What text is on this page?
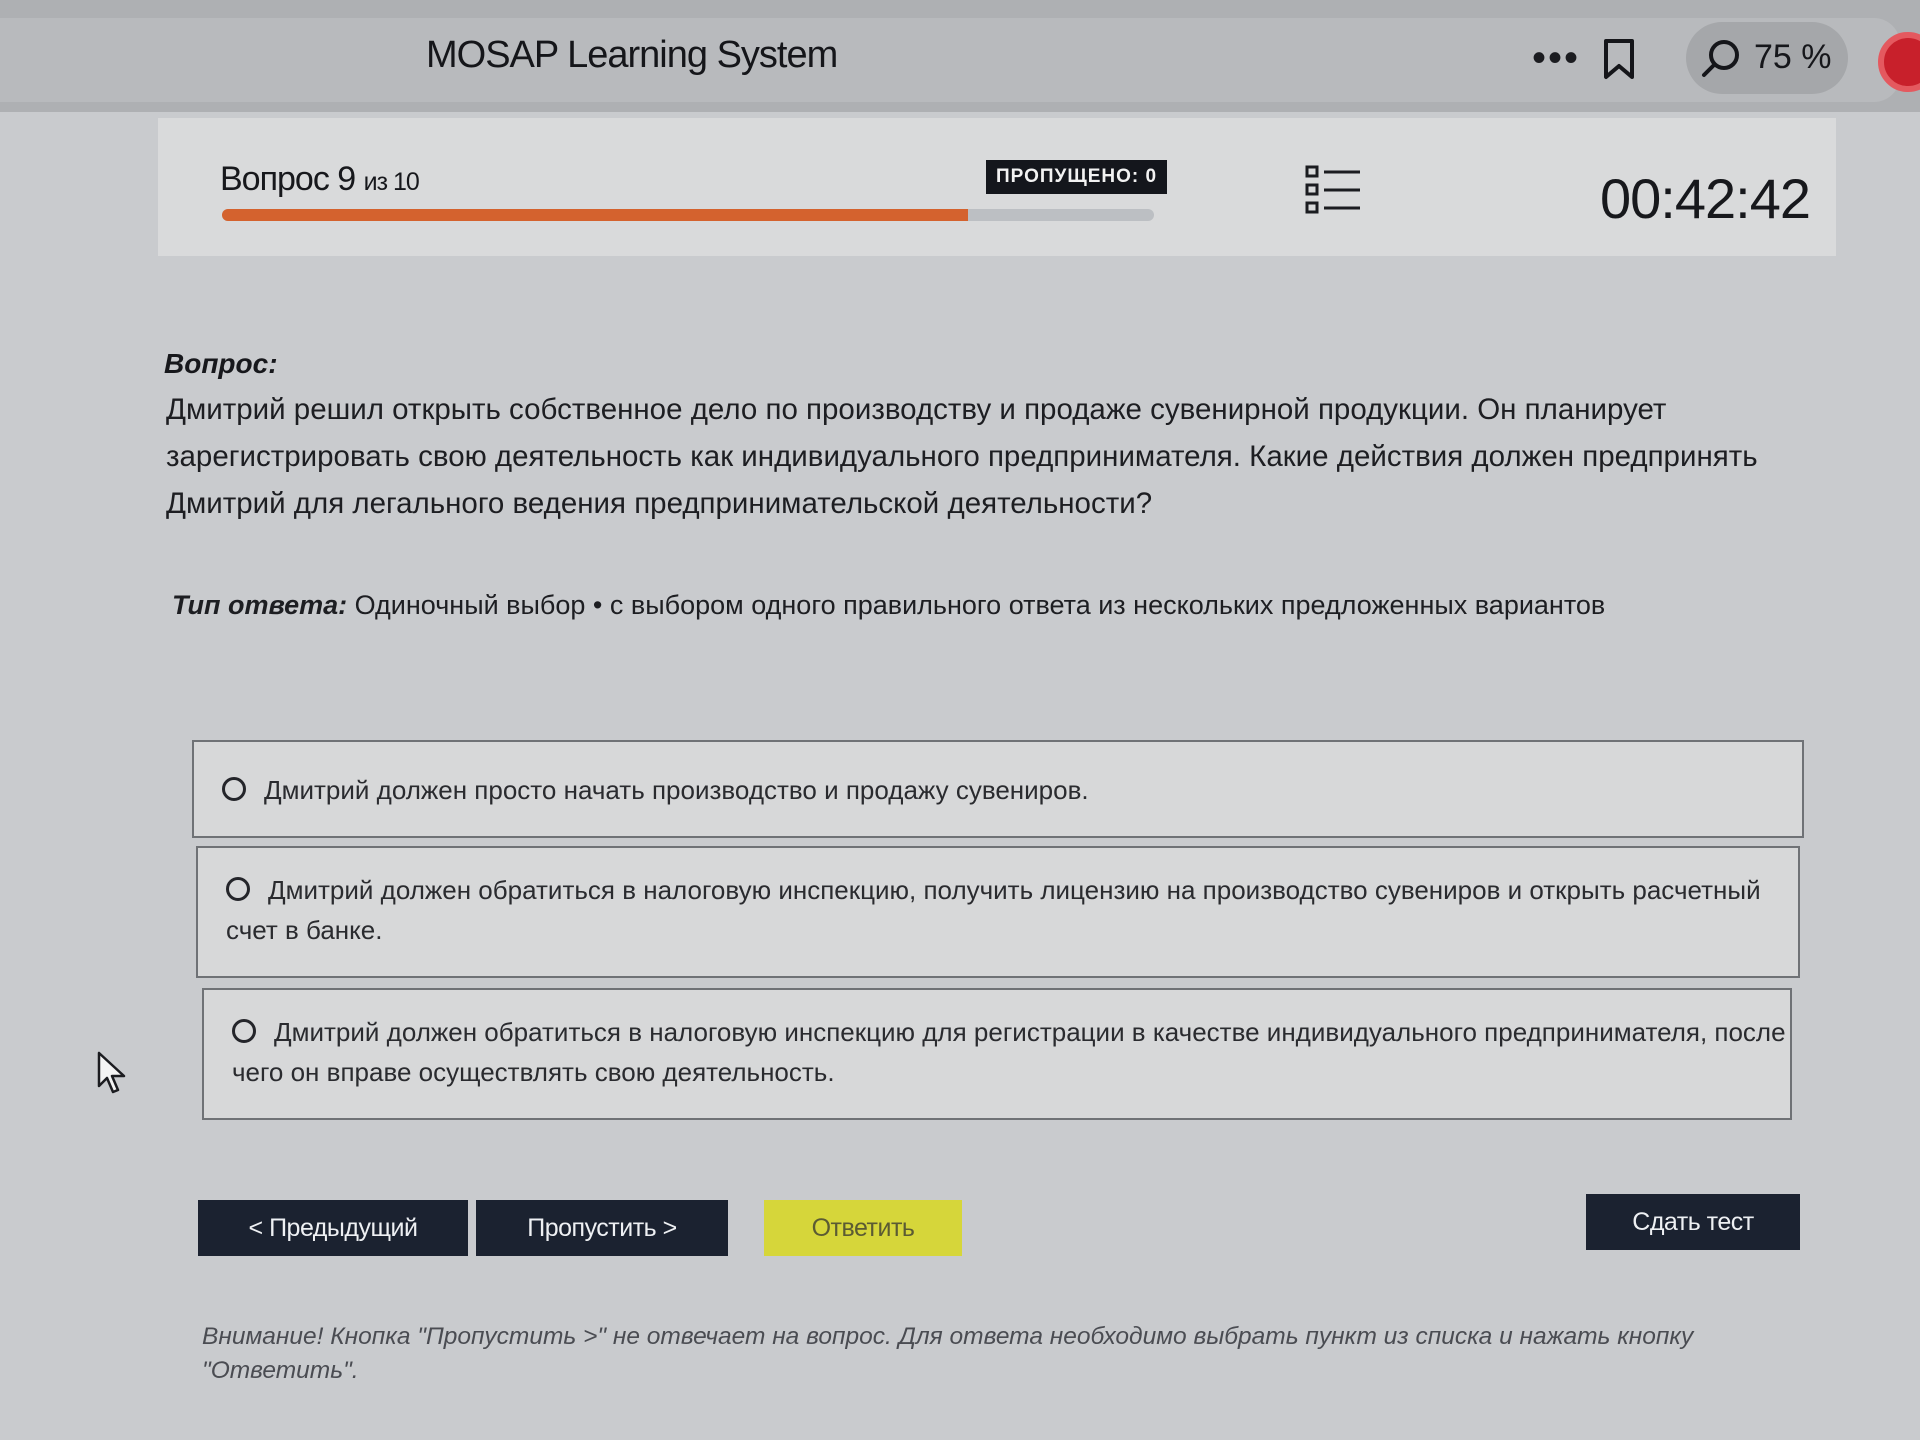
MOSAP Learning System	•••	75 %
Вопрос 9 из 10	ПРОПУЩЕНО: 0	00:42:42
Вопрос:
Дмитрий решил открыть собственное дело по производству и продаже сувенирной продукции. Он планирует зарегистрировать свою деятельность как индивидуального предпринимателя. Какие действия должен предпринять Дмитрий для легального ведения предпринимательской деятельности?
Тип ответа: Одиночный выбор • с выбором одного правильного ответа из нескольких предложенных вариантов
Дмитрий должен просто начать производство и продажу сувениров.
Дмитрий должен обратиться в налоговую инспекцию, получить лицензию на производство сувениров и открыть расчетный счет в банке.
Дмитрий должен обратиться в налоговую инспекцию для регистрации в качестве индивидуального предпринимателя, после чего он вправе осуществлять свою деятельность.
< Предыдущий	Пропустить >	Ответить	Сдать тест
Внимание! Кнопка "Пропустить >" не отвечает на вопрос. Для ответа необходимо выбрать пункт из списка и нажать кнопку "Ответить".
